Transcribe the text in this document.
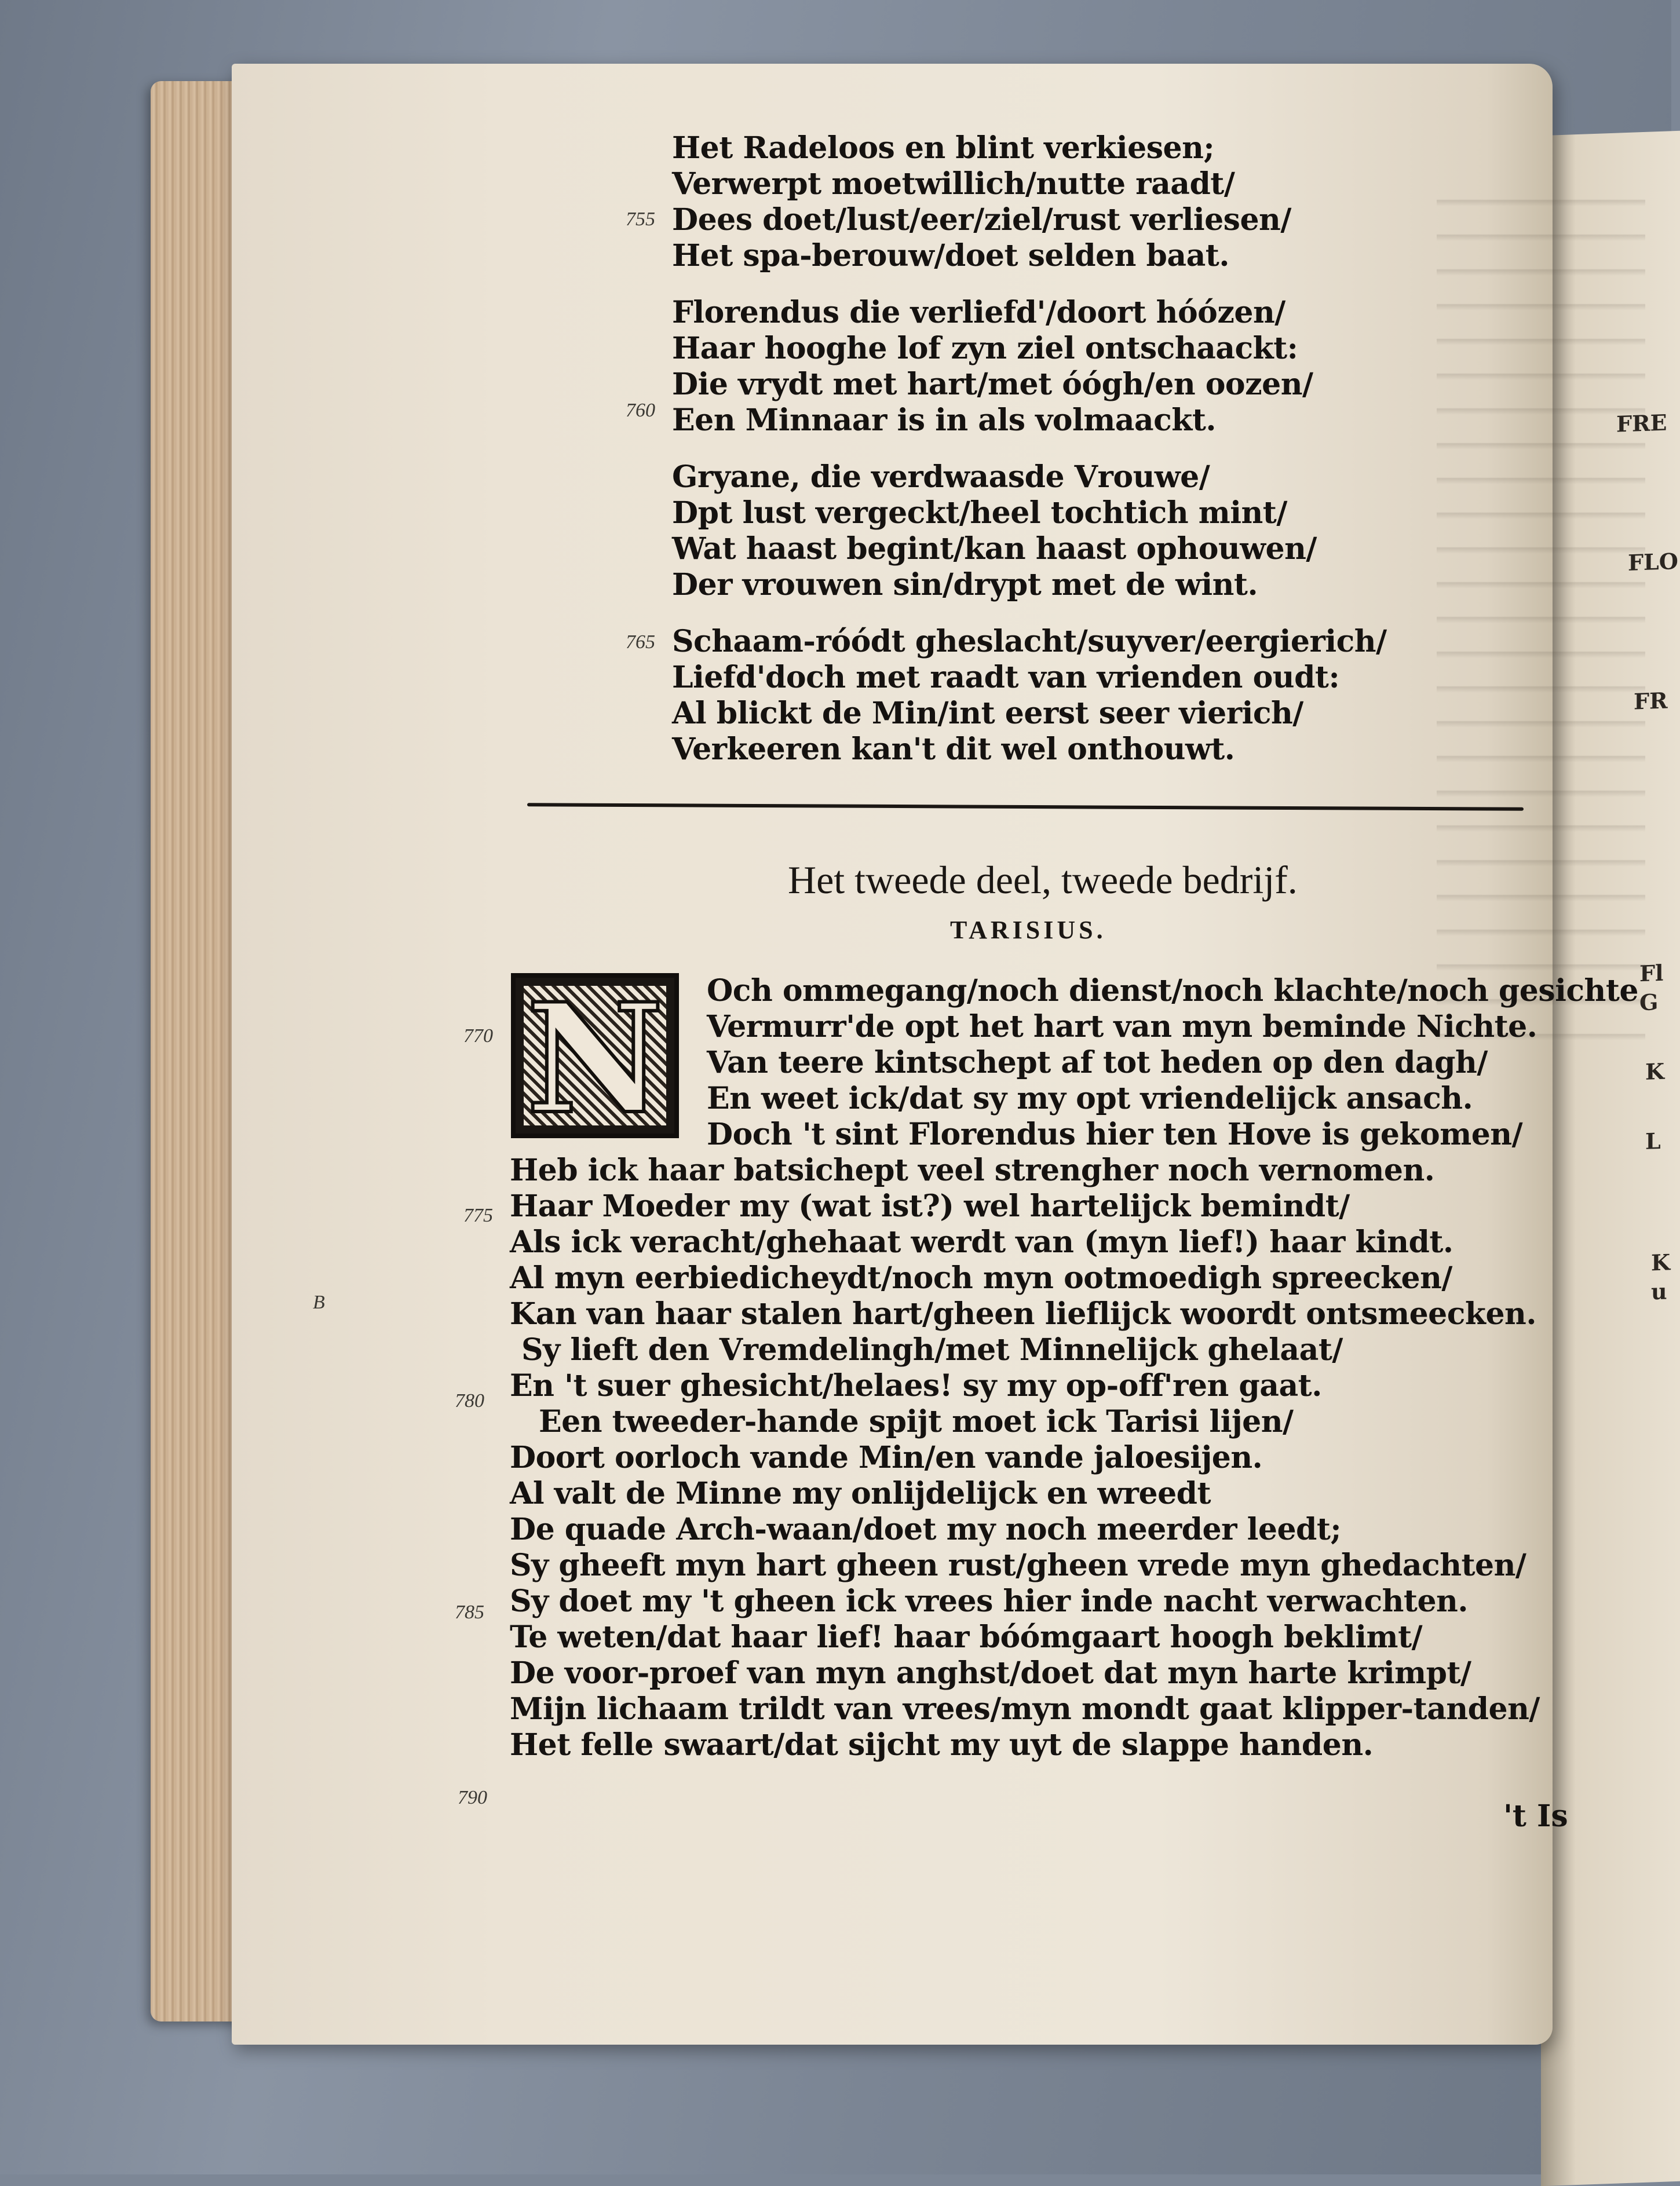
FRE
FLO
FR
Fl
G
K
L
K
u
Het Radeloos en blint verkiesen;
Verwerpt moetwillich/nutte raadt/
Dees doet/lust/eer/ziel/rust verliesen/
Het spa-berouw/doet selden baat.
Florendus die verliefd'/doort hóózen/
Haar hooghe lof zyn ziel ontschaackt:
Die vrydt met hart/met óógh/en oozen/
Een Minnaar is in als volmaackt.
Gryane, die verdwaasde Vrouwe/
Dpt lust vergeckt/heel tochtich mint/
Wat haast begint/kan haast ophouwen/
Der vrouwen sin/drypt met de wint.
Schaam-róódt gheslacht/suyver/eergierich/
Liefd'doch met raadt van vrienden oudt:
Al blickt de Min/int eerst seer vierich/
Verkeeren kan't dit wel onthouwt.
755
760
765
Het tweede deel, tweede bedrijf.
TARISIUS.
N	Och ommegang/noch dienst/noch klachte/noch gesichte
Vermurr'de opt het hart van myn beminde Nichte.
Van teere kintschept af tot heden op den dagh/
En weet ick/dat sy my opt vriendelijck ansach.
Doch 't sint Florendus hier ten Hove is gekomen/
Heb ick haar batsichept veel strengher noch vernomen.
Haar Moeder my (wat ist?) wel hartelijck bemindt/
Als ick veracht/ghehaat werdt van (myn lief!) haar kindt.
Al myn eerbiedicheydt/noch myn ootmoedigh spreecken/
Kan van haar stalen hart/gheen lieflijck woordt ontsmeecken.
Sy lieft den Vremdelingh/met Minnelijck ghelaat/
En 't suer ghesicht/helaes! sy my op-off'ren gaat.
Een tweeder-hande spijt moet ick Tarisi lijen/
Doort oorloch vande Min/en vande jaloesijen.
Al valt de Minne my onlijdelijck en wreedt
De quade Arch-waan/doet my noch meerder leedt;
Sy gheeft myn hart gheen rust/gheen vrede myn ghedachten/
Sy doet my 't gheen ick vrees hier inde nacht verwachten.
Te weten/dat haar lief! haar bóómgaart hoogh beklimt/
De voor-proef van myn anghst/doet dat myn harte krimpt/
Mijn lichaam trildt van vrees/myn mondt gaat klipper-tanden/
Het felle swaart/dat sijcht my uyt de slappe handen.
770
775
B
780
785
790
't Is
